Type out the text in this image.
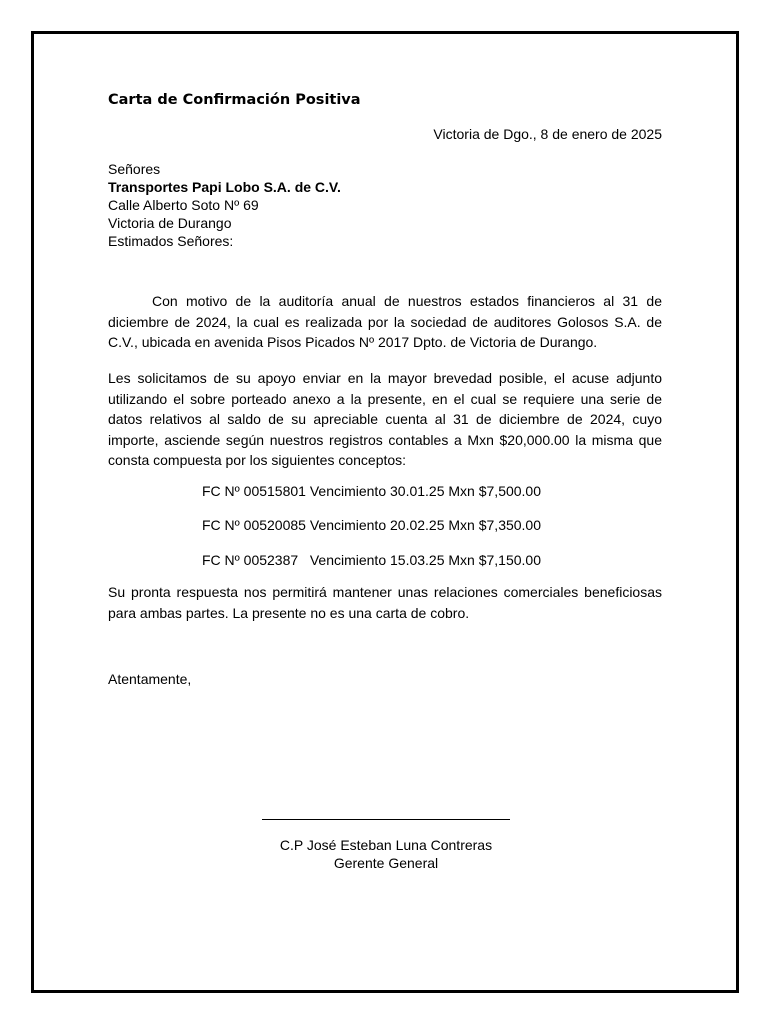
Carta de Confirmación Positiva
Victoria de Dgo., 8 de enero de 2025
Señores
Transportes Papi Lobo S.A. de C.V.
Calle Alberto Soto Nº 69
Victoria de Durango
Estimados Señores:
Con motivo de la auditoría anual de nuestros estados financieros al 31 de diciembre de 2024, la cual es realizada por la sociedad de auditores Golosos S.A. de C.V., ubicada en avenida Pisos Picados Nº 2017 Dpto. de Victoria de Durango.
Les solicitamos de su apoyo enviar en la mayor brevedad posible, el acuse adjunto utilizando el sobre porteado anexo a la presente, en el cual se requiere una serie de datos relativos al saldo de su apreciable cuenta al 31 de diciembre de 2024, cuyo importe, asciende según nuestros registros contables a Mxn $20,000.00 la misma que consta compuesta por los siguientes conceptos:
FC Nº 00515801 Vencimiento 30.01.25 Mxn $7,500.00
FC Nº 00520085 Vencimiento 20.02.25 Mxn $7,350.00
FC Nº 0052387   Vencimiento 15.03.25 Mxn $7,150.00
Su pronta respuesta nos permitirá mantener unas relaciones comerciales beneficiosas para ambas partes. La presente no es una carta de cobro.
Atentamente,
C.P José Esteban Luna Contreras
Gerente General
